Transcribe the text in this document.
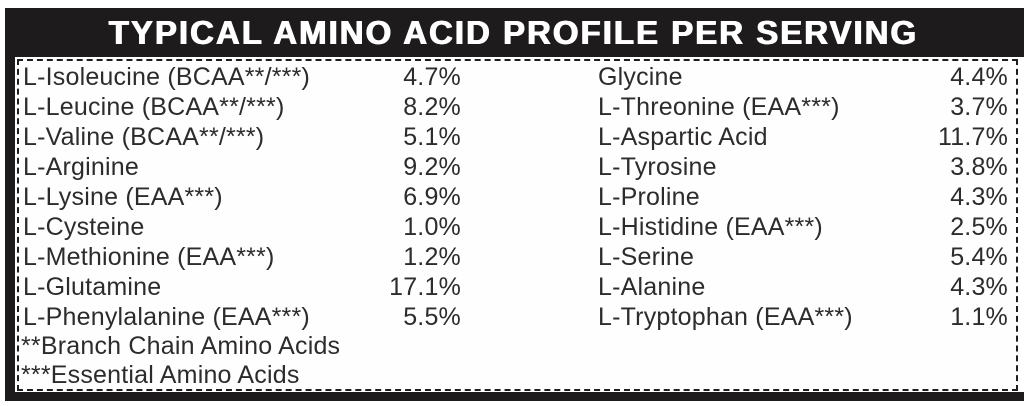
TYPICAL AMINO ACID PROFILE PER SERVING
L-Isoleucine (BCAA**/***)	4.7%
L-Leucine (BCAA**/***)	8.2%
L-Valine (BCAA**/***)	5.1%
L-Arginine	9.2%
L-Lysine (EAA***)	6.9%
L-Cysteine	1.0%
L-Methionine (EAA***)	1.2%
L-Glutamine	17.1%
L-Phenylalanine (EAA***)	5.5%
**Branch Chain Amino Acids
***Essential Amino Acids
Glycine	4.4%
L-Threonine (EAA***)	3.7%
L-Aspartic Acid	11.7%
L-Tyrosine	3.8%
L-Proline	4.3%
L-Histidine (EAA***)	2.5%
L-Serine	5.4%
L-Alanine	4.3%
L-Tryptophan (EAA***)	1.1%
